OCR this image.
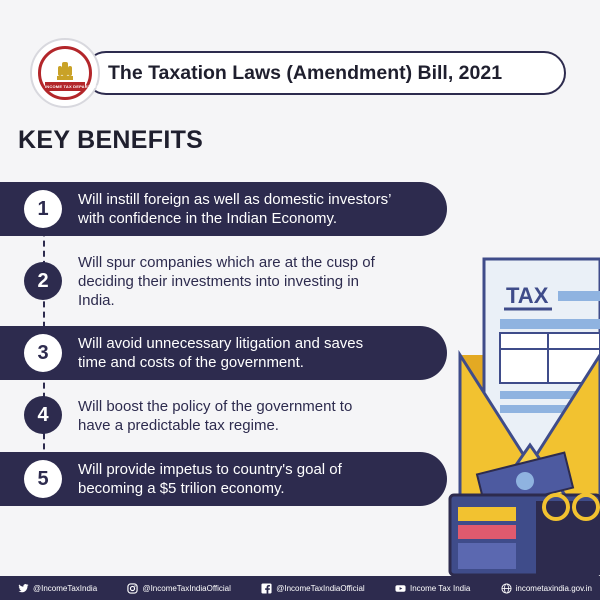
INCOME TAX DEPARTMENT
The Taxation Laws (Amendment) Bill, 2021
KEY BENEFITS
1	Will instill foreign as well as domestic investors’
with confidence in the Indian Economy.
2
Will spur companies which are at the cusp of
deciding their investments into investing in
India.
3	Will avoid unnecessary litigation and saves
time and costs of the government.
4	Will boost the policy of the government to
have a predictable tax regime.
5	Will provide impetus to country's goal of
becoming a $5 trilion economy.
TAX
@IncomeTaxIndia	@IncomeTaxIndiaOfficial	@IncomeTaxIndiaOfficial	Income Tax India	incometaxindia.gov.in
